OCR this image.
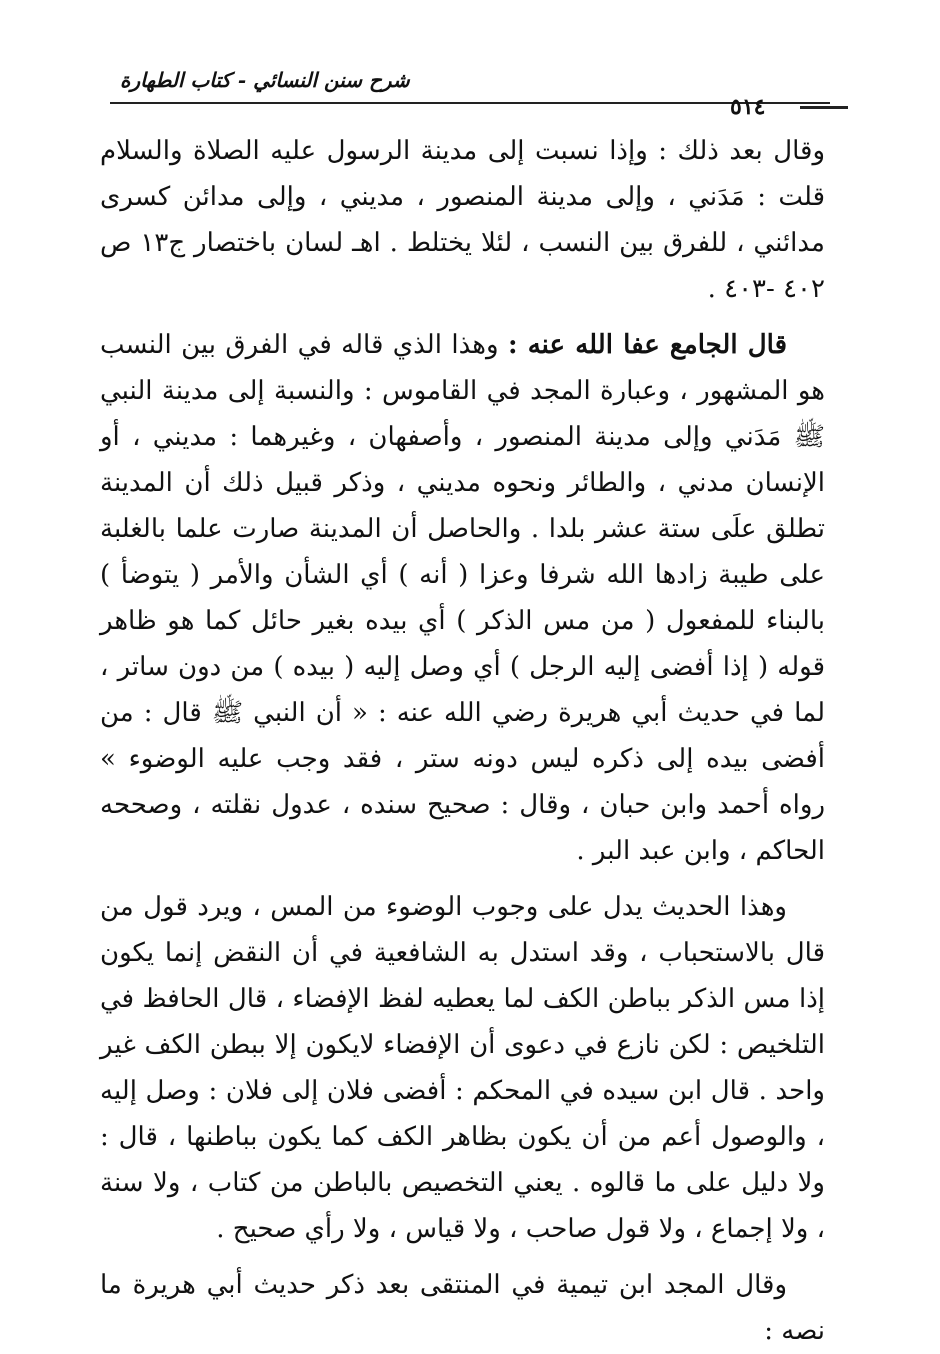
شرح سنن النسائي - كتاب الطهارة
٥١٤

وقال بعد ذلك : وإذا نسبت إلى مدينة الرسول عليه الصلاة والسلام قلت : مَدَني ، وإلى مدينة المنصور ، مديني ، وإلى مدائن كسرى مدائني ، للفرق بين النسب ، لئلا يختلط . اهـ لسان باختصار ج١٣ ص ٤٠٢ -٤٠٣ .

قال الجامع عفا الله عنه : وهذا الذي قاله في الفرق بين النسب هو المشهور ، وعبارة المجد في القاموس : والنسبة إلى مدينة النبي ﷺ مَدَني وإلى مدينة المنصور ، وأصفهان ، وغيرهما : مديني ، أو الإنسان مدني ، والطائر ونحوه مديني ، وذكر قبيل ذلك أن المدينة تطلق علَى ستة عشر بلدا . والحاصل أن المدينة صارت علما بالغلبة على طيبة زادها الله شرفا وعزا ( أنه ) أي الشأن والأمر ( يتوضأ ) بالبناء للمفعول ( من مس الذكر ) أي بيده بغير حائل كما هو ظاهر قوله ( إذا أفضى إليه الرجل ) أي وصل إليه ( بيده ) من دون ساتر ، لما في حديث أبي هريرة رضي الله عنه : « أن النبي ﷺ قال : من أفضى بيده إلى ذكره ليس دونه ستر ، فقد وجب عليه الوضوء » رواه أحمد وابن حبان ، وقال : صحيح سنده ، عدول نقلته ، وصححه الحاكم ، وابن عبد البر .

وهذا الحديث يدل على وجوب الوضوء من المس ، ويرد قول من قال بالاستحباب ، وقد استدل به الشافعية في أن النقض إنما يكون إذا مس الذكر بباطن الكف لما يعطيه لفظ الإفضاء ، قال الحافظ في التلخيص : لكن نازع في دعوى أن الإفضاء لايكون إلا ببطن الكف غير واحد . قال ابن سيده في المحكم : أفضى فلان إلى فلان : وصل إليه ، والوصول أعم من أن يكون بظاهر الكف كما يكون بباطنها ، قال : ولا دليل على ما قالوه . يعني التخصيص بالباطن من كتاب ، ولا سنة ، ولا إجماع ، ولا قول صاحب ، ولا قياس ، ولا رأي صحيح .

وقال المجد ابن تيمية في المنتقى بعد ذكر حديث أبي هريرة ما نصه :
